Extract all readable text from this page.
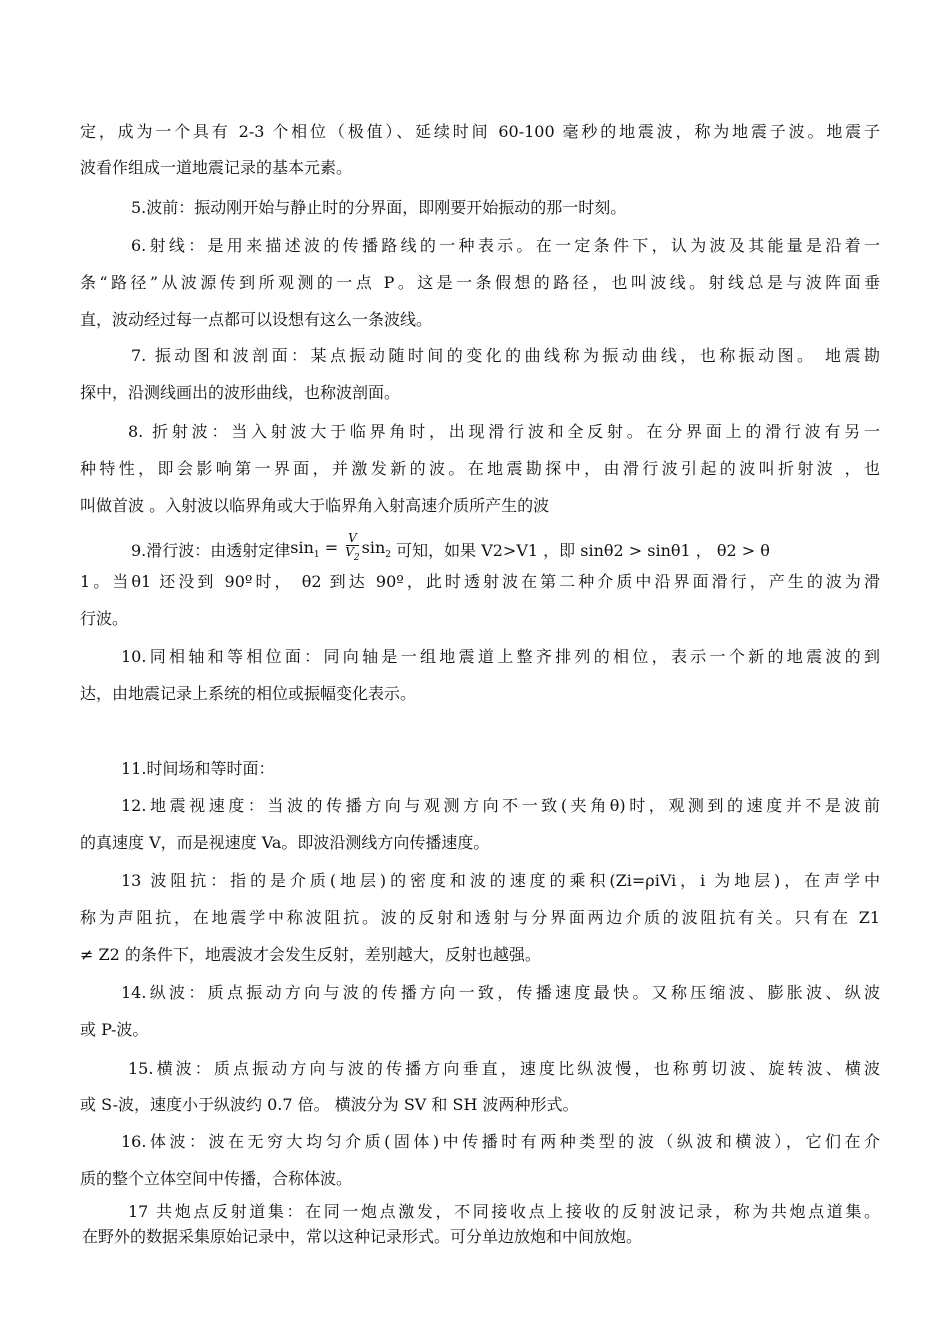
定，成为一个具有 2-3 个相位（极值）、延续时间 60-100 毫秒的地震波，称为地震子波。地震子
波看作组成一道地震记录的基本元素。
5.波前：振动刚开始与静止时的分界面，即刚要开始振动的那一时刻。
6.射线：是用来描述波的传播路线的一种表示。在一定条件下，认为波及其能量是沿着一
条“路径”从波源传到所观测的一点 P。这是一条假想的路径，也叫波线。射线总是与波阵面垂
直，波动经过每一点都可以设想有这么一条波线。
7. 振动图和波剖面：某点振动随时间的变化的曲线称为振动曲线，也称振动图。 地震勘
探中，沿测线画出的波形曲线，也称波剖面。
8. 折射波：当入射波大于临界角时，出现滑行波和全反射。在分界面上的滑行波有另一
种特性，即会影响第一界面，并激发新的波。在地震勘探中，由滑行波引起的波叫折射波 ，也
叫做首波 。入射波以临界角或大于临界角入射高速介质所产生的波
9.滑行波：由透射定律$\sin_1 = \frac{V}{V_2} \sin_2$ 可知，如果 V2>V1 ，即 sinθ2 > sinθ1 ， θ2 > θ
1。当θ1 还没到 90º时， θ2 到达 90º，此时透射波在第二种介质中沿界面滑行，产生的波为滑
行波。
10.同相轴和等相位面：同向轴是一组地震道上整齐排列的相位，表示一个新的地震波的到
达，由地震记录上系统的相位或振幅变化表示。
11.时间场和等时面：
12.地震视速度：当波的传播方向与观测方向不一致(夹角θ)时，观测到的速度并不是波前
的真速度 V，而是视速度 Va。即波沿测线方向传播速度。
13 波阻抗：指的是介质(地层)的密度和波的速度的乘积(Zi=ρiVi，i 为地层)，在声学中
称为声阻抗，在地震学中称波阻抗。波的反射和透射与分界面两边介质的波阻抗有关。只有在 Z1
≠ Z2 的条件下，地震波才会发生反射，差别越大，反射也越强。
14.纵波：质点振动方向与波的传播方向一致，传播速度最快。又称压缩波、膨胀波、纵波
或 P-波。
15.横波：质点振动方向与波的传播方向垂直，速度比纵波慢，也称剪切波、旋转波、横波
或 S-波，速度小于纵波约 0.7 倍。 横波分为 SV 和 SH 波两种形式。
16.体波：波在无穷大均匀介质(固体)中传播时有两种类型的波（纵波和横波），它们在介
质的整个立体空间中传播，合称体波。
17 共炮点反射道集：在同一炮点激发，不同接收点上接收的反射波记录，称为共炮点道集。
在野外的数据采集原始记录中，常以这种记录形式。可分单边放炮和中间放炮。
